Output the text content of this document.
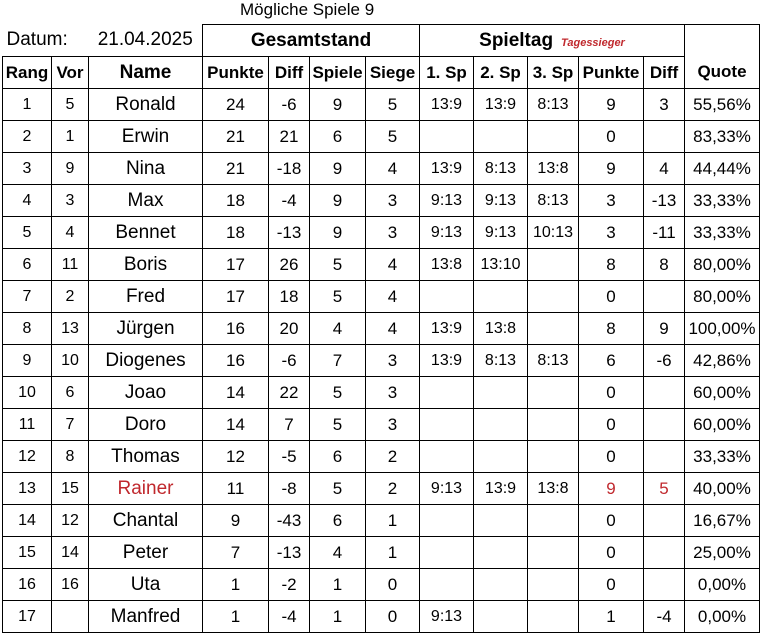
Mögliche Spiele 9
Datum:		21.04.2025	Gesamtstand				Spieltag Tagessieger					
Rang	Vor	Name	Punkte	Diff	Spiele	Siege	1. Sp	2. Sp	3. Sp	Punkte	Diff	Quote
1	5	Ronald	24	-6	9	5	13:9	13:9	8:13	9	3	55,56%
2	1	Erwin	21	21	6	5				0		83,33%
3	9	Nina	21	-18	9	4	13:9	8:13	13:8	9	4	44,44%
4	3	Max	18	-4	9	3	9:13	9:13	8:13	3	-13	33,33%
5	4	Bennet	18	-13	9	3	9:13	9:13	10:13	3	-11	33,33%
6	11	Boris	17	26	5	4	13:8	13:10		8	8	80,00%
7	2	Fred	17	18	5	4				0		80,00%
8	13	Jürgen	16	20	4	4	13:9	13:8		8	9	100,00%
9	10	Diogenes	16	-6	7	3	13:9	8:13	8:13	6	-6	42,86%
10	6	Joao	14	22	5	3				0		60,00%
11	7	Doro	14	7	5	3				0		60,00%
12	8	Thomas	12	-5	6	2				0		33,33%
13	15	Rainer	11	-8	5	2	9:13	13:9	13:8	9	5	40,00%
14	12	Chantal	9	-43	6	1				0		16,67%
15	14	Peter	7	-13	4	1				0		25,00%
16	16	Uta	1	-2	1	0				0		0,00%
17		Manfred	1	-4	1	0	9:13			1	-4	0,00%
